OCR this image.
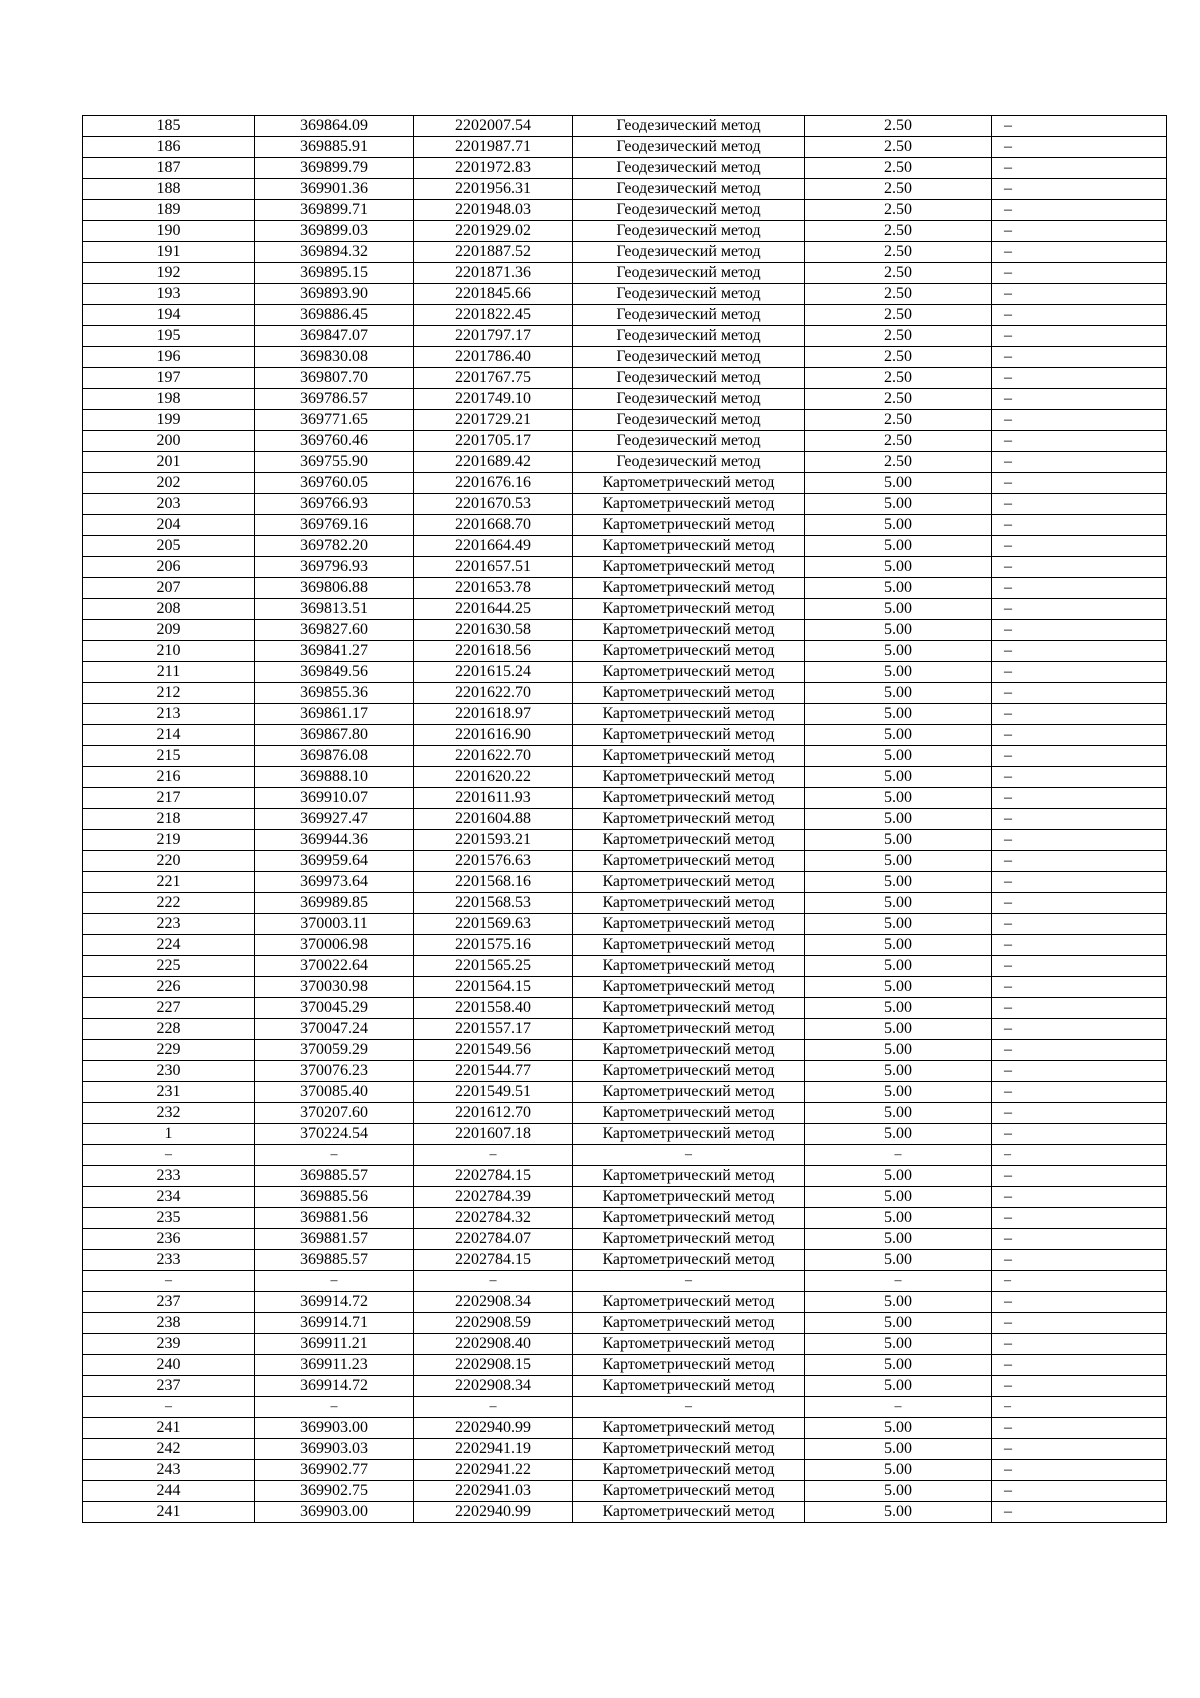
185	369864.09	2202007.54	Геодезический метод	2.50	–
186	369885.91	2201987.71	Геодезический метод	2.50	–
187	369899.79	2201972.83	Геодезический метод	2.50	–
188	369901.36	2201956.31	Геодезический метод	2.50	–
189	369899.71	2201948.03	Геодезический метод	2.50	–
190	369899.03	2201929.02	Геодезический метод	2.50	–
191	369894.32	2201887.52	Геодезический метод	2.50	–
192	369895.15	2201871.36	Геодезический метод	2.50	–
193	369893.90	2201845.66	Геодезический метод	2.50	–
194	369886.45	2201822.45	Геодезический метод	2.50	–
195	369847.07	2201797.17	Геодезический метод	2.50	–
196	369830.08	2201786.40	Геодезический метод	2.50	–
197	369807.70	2201767.75	Геодезический метод	2.50	–
198	369786.57	2201749.10	Геодезический метод	2.50	–
199	369771.65	2201729.21	Геодезический метод	2.50	–
200	369760.46	2201705.17	Геодезический метод	2.50	–
201	369755.90	2201689.42	Геодезический метод	2.50	–
202	369760.05	2201676.16	Картометрический метод	5.00	–
203	369766.93	2201670.53	Картометрический метод	5.00	–
204	369769.16	2201668.70	Картометрический метод	5.00	–
205	369782.20	2201664.49	Картометрический метод	5.00	–
206	369796.93	2201657.51	Картометрический метод	5.00	–
207	369806.88	2201653.78	Картометрический метод	5.00	–
208	369813.51	2201644.25	Картометрический метод	5.00	–
209	369827.60	2201630.58	Картометрический метод	5.00	–
210	369841.27	2201618.56	Картометрический метод	5.00	–
211	369849.56	2201615.24	Картометрический метод	5.00	–
212	369855.36	2201622.70	Картометрический метод	5.00	–
213	369861.17	2201618.97	Картометрический метод	5.00	–
214	369867.80	2201616.90	Картометрический метод	5.00	–
215	369876.08	2201622.70	Картометрический метод	5.00	–
216	369888.10	2201620.22	Картометрический метод	5.00	–
217	369910.07	2201611.93	Картометрический метод	5.00	–
218	369927.47	2201604.88	Картометрический метод	5.00	–
219	369944.36	2201593.21	Картометрический метод	5.00	–
220	369959.64	2201576.63	Картометрический метод	5.00	–
221	369973.64	2201568.16	Картометрический метод	5.00	–
222	369989.85	2201568.53	Картометрический метод	5.00	–
223	370003.11	2201569.63	Картометрический метод	5.00	–
224	370006.98	2201575.16	Картометрический метод	5.00	–
225	370022.64	2201565.25	Картометрический метод	5.00	–
226	370030.98	2201564.15	Картометрический метод	5.00	–
227	370045.29	2201558.40	Картометрический метод	5.00	–
228	370047.24	2201557.17	Картометрический метод	5.00	–
229	370059.29	2201549.56	Картометрический метод	5.00	–
230	370076.23	2201544.77	Картометрический метод	5.00	–
231	370085.40	2201549.51	Картометрический метод	5.00	–
232	370207.60	2201612.70	Картометрический метод	5.00	–
1	370224.54	2201607.18	Картометрический метод	5.00	–
–	–	–	–	–	–
233	369885.57	2202784.15	Картометрический метод	5.00	–
234	369885.56	2202784.39	Картометрический метод	5.00	–
235	369881.56	2202784.32	Картометрический метод	5.00	–
236	369881.57	2202784.07	Картометрический метод	5.00	–
233	369885.57	2202784.15	Картометрический метод	5.00	–
–	–	–	–	–	–
237	369914.72	2202908.34	Картометрический метод	5.00	–
238	369914.71	2202908.59	Картометрический метод	5.00	–
239	369911.21	2202908.40	Картометрический метод	5.00	–
240	369911.23	2202908.15	Картометрический метод	5.00	–
237	369914.72	2202908.34	Картометрический метод	5.00	–
–	–	–	–	–	–
241	369903.00	2202940.99	Картометрический метод	5.00	–
242	369903.03	2202941.19	Картометрический метод	5.00	–
243	369902.77	2202941.22	Картометрический метод	5.00	–
244	369902.75	2202941.03	Картометрический метод	5.00	–
241	369903.00	2202940.99	Картометрический метод	5.00	–
